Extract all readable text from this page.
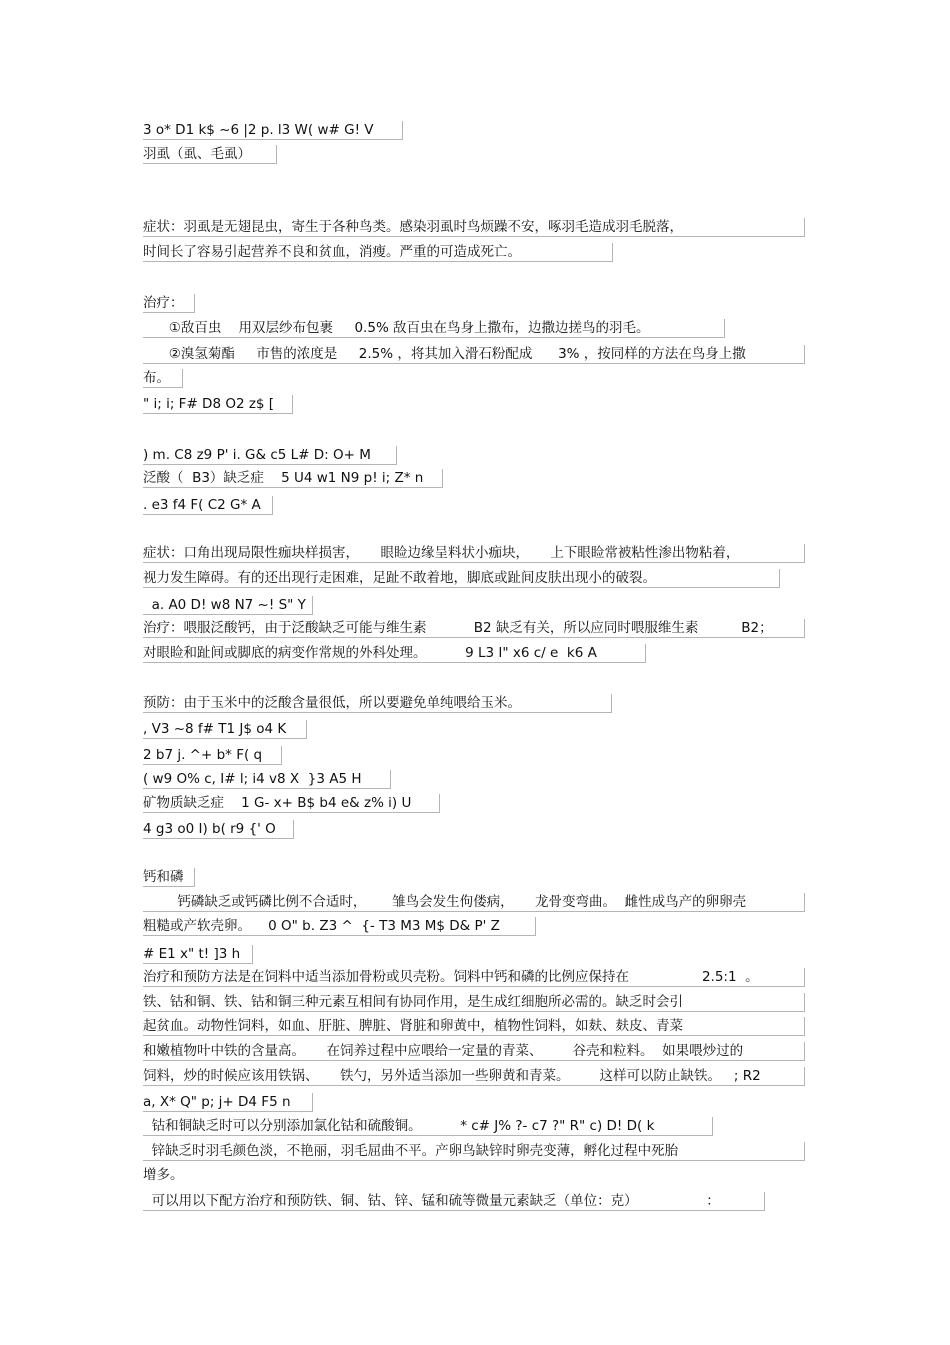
3 o* D1 k$ ~6 |2 p. l3 W( w# G! V
羽虱（虱、毛虱）
症状：羽虱是无翅昆虫，寄生于各种鸟类。感染羽虱时鸟烦躁不安，啄羽毛造成羽毛脱落，
时间长了容易引起营养不良和贫血，消瘦。严重的可造成死亡。
治疗：
①敌百虫    用双层纱布包裹     0.5% 敌百虫在鸟身上撒布，边撒边搓鸟的羽毛。
②溴氢菊酯     市售的浓度是     2.5% ，将其加入滑石粉配成      3% ，按同样的方法在鸟身上撒
布。
" i; i; F# D8 O2 z$ [
) m. C8 z9 P' i. G& c5 L# D: O+ M
泛酸（  B3）缺乏症    5 U4 w1 N9 p! i; Z* n
. e3 f4 F( C2 G* A
症状：口角出现局限性痂块样损害，     眼睑边缘呈料状小痂块，     上下眼睑常被粘性渗出物粘着，
视力发生障碍。有的还出现行走困难，足趾不敢着地，脚底或趾间皮肤出现小的破裂。
a. A0 D! w8 N7 ~! S" Y
治疗：喂服泛酸钙，由于泛酸缺乏可能与维生素           B2 缺乏有关，所以应同时喂服维生素          B2；
对眼睑和趾间或脚底的病变作常规的外科处理。         9 L3 I" x6 c/ e  k6 A
预防：由于玉米中的泛酸含量很低，所以要避免单纯喂给玉米。
, V3 ~8 f# T1 J$ o4 K
2 b7 j. ^+ b* F( q
( w9 O% c, I# l; i4 v8 X  }3 A5 H
矿物质缺乏症    1 G- x+ B$ b4 e& z% i) U
4 g3 o0 I) b( r9 {' O
钙和磷
钙磷缺乏或钙磷比例不合适时，      雏鸟会发生佝偻病，     龙骨变弯曲。  雌性成鸟产的卵卵壳
粗糙或产软壳卵。    0 O" b. Z3 ^  {- T3 M3 M$ D& P' Z
# E1 x" t! ]3 h
治疗和预防方法是在饲料中适当添加骨粉或贝壳粉。饲料中钙和磷的比例应保持在                 2.5:1  。
铁、钴和铜、铁、钴和铜三种元素互相间有协同作用，是生成红细胞所必需的。缺乏时会引
起贫血。动物性饲料，如血、肝脏、脾脏、肾脏和卵黄中，植物性饲料，如麸、麸皮、青菜
和嫩植物叶中铁的含量高。     在饲养过程中应喂给一定量的青菜、       谷壳和粒料。  如果喂炒过的
饲料，炒的时候应该用铁锅、     铁勺，另外适当添加一些卵黄和青菜。       这样可以防止缺铁。   ; R2
a, X* Q" p; j+ D4 F5 n
钴和铜缺乏时可以分别添加氯化钴和硫酸铜。         * c# J% ?- c7 ?" R" c) D! D( k
锌缺乏时羽毛颜色淡，不艳丽，羽毛屈曲不平。产卵鸟缺锌时卵壳变薄，孵化过程中死胎
增多。
可以用以下配方治疗和预防铁、铜、钴、锌、锰和硫等微量元素缺乏（单位：克）                ：
